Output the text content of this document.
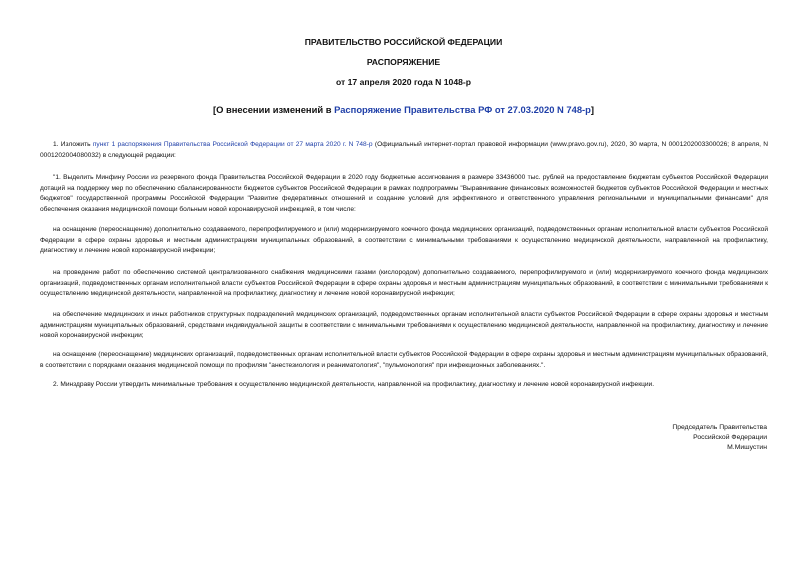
ПРАВИТЕЛЬСТВО РОССИЙСКОЙ ФЕДЕРАЦИИ
РАСПОРЯЖЕНИЕ
от 17 апреля 2020 года N 1048-р
[О внесении изменений в Распоряжение Правительства РФ от 27.03.2020 N 748-р]

1. Изложить пункт 1 распоряжения Правительства Российской Федерации от 27 марта 2020 г. N 748-р (Официальный интернет-портал правовой информации (www.pravo.gov.ru), 2020, 30 марта, N 0001202003300026; 8 апреля, N 0001202004080032) в следующей редакции:

"1. Выделить Минфину России из резервного фонда Правительства Российской Федерации в 2020 году бюджетные ассигнования в размере 33436000 тыс. рублей на предоставление бюджетам субъектов Российской Федерации дотаций на поддержку мер по обеспечению сбалансированности бюджетов субъектов Российской Федерации в рамках подпрограммы "Выравнивание финансовых возможностей бюджетов субъектов Российской Федерации и местных бюджетов" государственной программы Российской Федерации "Развитие федеративных отношений и создание условий для эффективного и ответственного управления региональными и муниципальными финансами" для обеспечения оказания медицинской помощи больным новой коронавирусной инфекцией, в том числе:

на оснащение (переоснащение) дополнительно создаваемого, перепрофилируемого и (или) модернизируемого коечного фонда медицинских организаций, подведомственных органам исполнительной власти субъектов Российской Федерации в сфере охраны здоровья и местным администрациям муниципальных образований, в соответствии с минимальными требованиями к осуществлению медицинской деятельности, направленной на профилактику, диагностику и лечение новой коронавирусной инфекции;

на проведение работ по обеспечению системой централизованного снабжения медицинскими газами (кислородом) дополнительно создаваемого, перепрофилируемого и (или) модернизируемого коечного фонда медицинских организаций, подведомственных органам исполнительной власти субъектов Российской Федерации в сфере охраны здоровья и местным администрациям муниципальных образований, в соответствии с минимальными требованиями к осуществлению медицинской деятельности, направленной на профилактику, диагностику и лечение новой коронавирусной инфекции;

на обеспечение медицинских и иных работников структурных подразделений медицинских организаций, подведомственных органам исполнительной власти субъектов Российской Федерации в сфере охраны здоровья и местным администрациям муниципальных образований, средствами индивидуальной защиты в соответствии с минимальными требованиями к осуществлению медицинской деятельности, направленной на профилактику, диагностику и лечение новой коронавирусной инфекции;

на оснащение (переоснащение) медицинских организаций, подведомственных органам исполнительной власти субъектов Российской Федерации в сфере охраны здоровья и местным администрациям муниципальных образований, в соответствии с порядками оказания медицинской помощи по профилям "анестезиология и реаниматология", "пульмонология" при инфекционных заболеваниях.".

2. Минздраву России утвердить минимальные требования к осуществлению медицинской деятельности, направленной на профилактику, диагностику и лечение новой коронавирусной инфекции.

Председатель Правительства
Российской Федерации
М.Мишустин
